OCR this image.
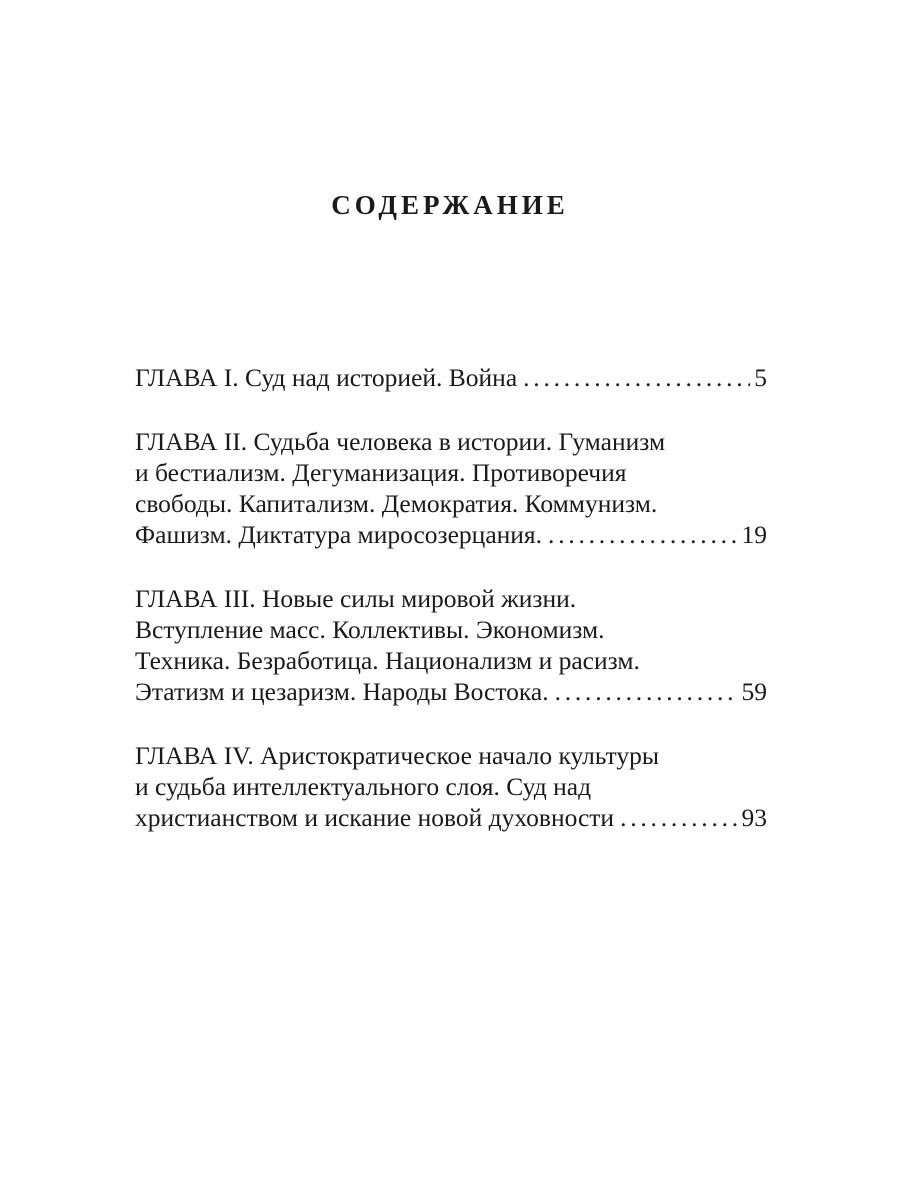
СОДЕРЖАНИЕ
ГЛАВА I. Суд над историей. Война . . .	5
ГЛАВА II. Судьба человека в истории. Гуманизм
и бестиализм. Дегуманизация. Противоречия
свободы. Капитализм. Демократия. Коммунизм.
Фашизм. Диктатура миросозерцания. . . .	19
ГЛАВА III. Новые силы мировой жизни.
Вступление масс. Коллективы. Экономизм.
Техника. Безработица. Национализм и расизм.
Этатизм и цезаризм. Народы Востока. . . .	59
ГЛАВА IV. Аристократическое начало культуры
и судьба интеллектуального слоя. Суд над
христианством и искание новой духовности . . .	93
